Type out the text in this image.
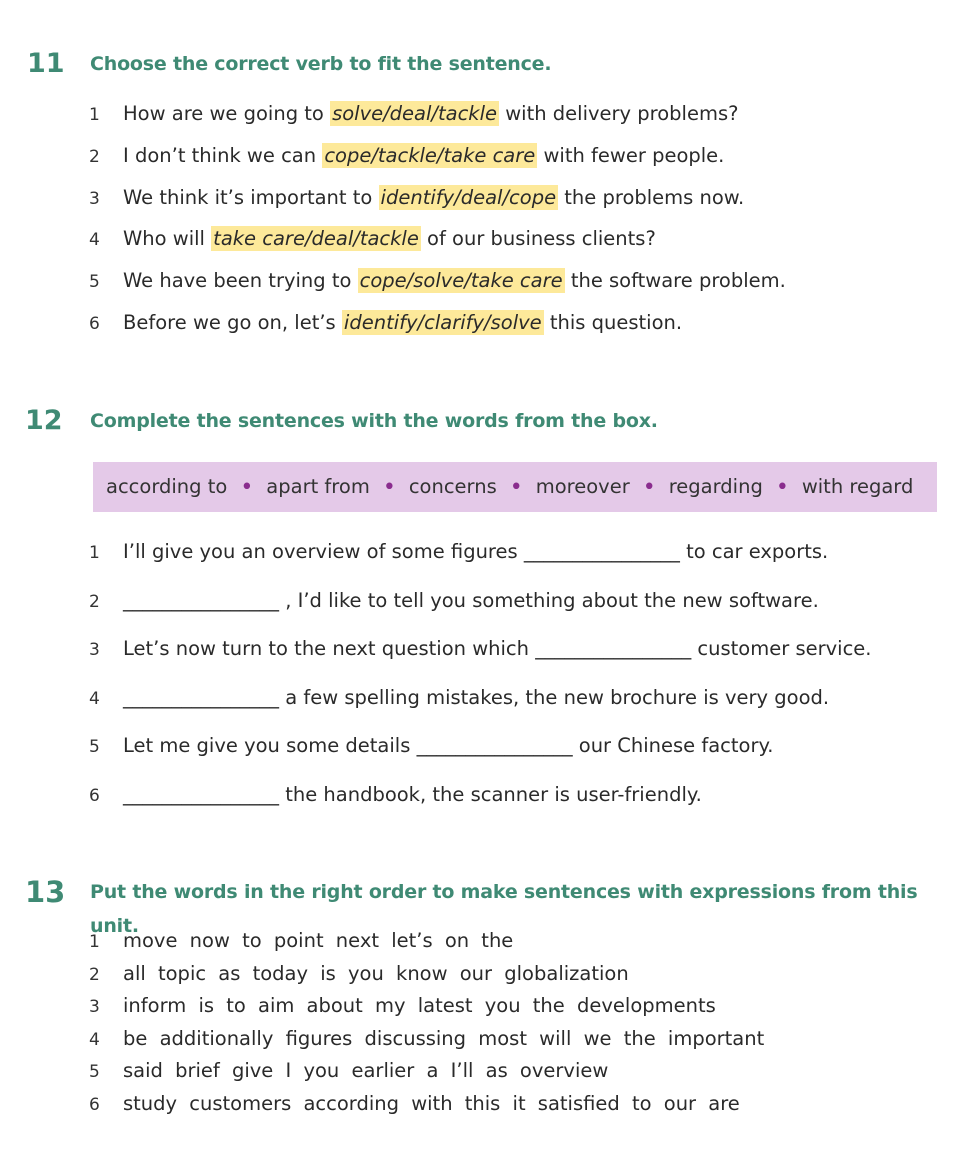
11 Choose the correct verb to fit the sentence.
1 How are we going to solve/deal/tackle with delivery problems?
2 I don’t think we can cope/tackle/take care with fewer people.
3 We think it’s important to identify/deal/cope the problems now.
4 Who will take care/deal/tackle of our business clients?
5 We have been trying to cope/solve/take care the software problem.
6 Before we go on, let’s identify/clarify/solve this question.
12 Complete the sentences with the words from the box.
according to • apart from • concerns • moreover • regarding • with regard
1 I’ll give you an overview of some figures ________________ to car exports.
2 ________________ , I’d like to tell you something about the new software.
3 Let’s now turn to the next question which ________________ customer service.
4 ________________ a few spelling mistakes, the new brochure is very good.
5 Let me give you some details ________________ our Chinese factory.
6 ________________ the handbook, the scanner is user-friendly.
13 Put the words in the right order to make sentences with expressions from this unit.
1 move now to point next let’s on the
2 all topic as today is you know our globalization
3 inform is to aim about my latest you the developments
4 be additionally figures discussing most will we the important
5 said brief give I you earlier a I’ll as overview
6 study customers according with this it satisfied to our are
